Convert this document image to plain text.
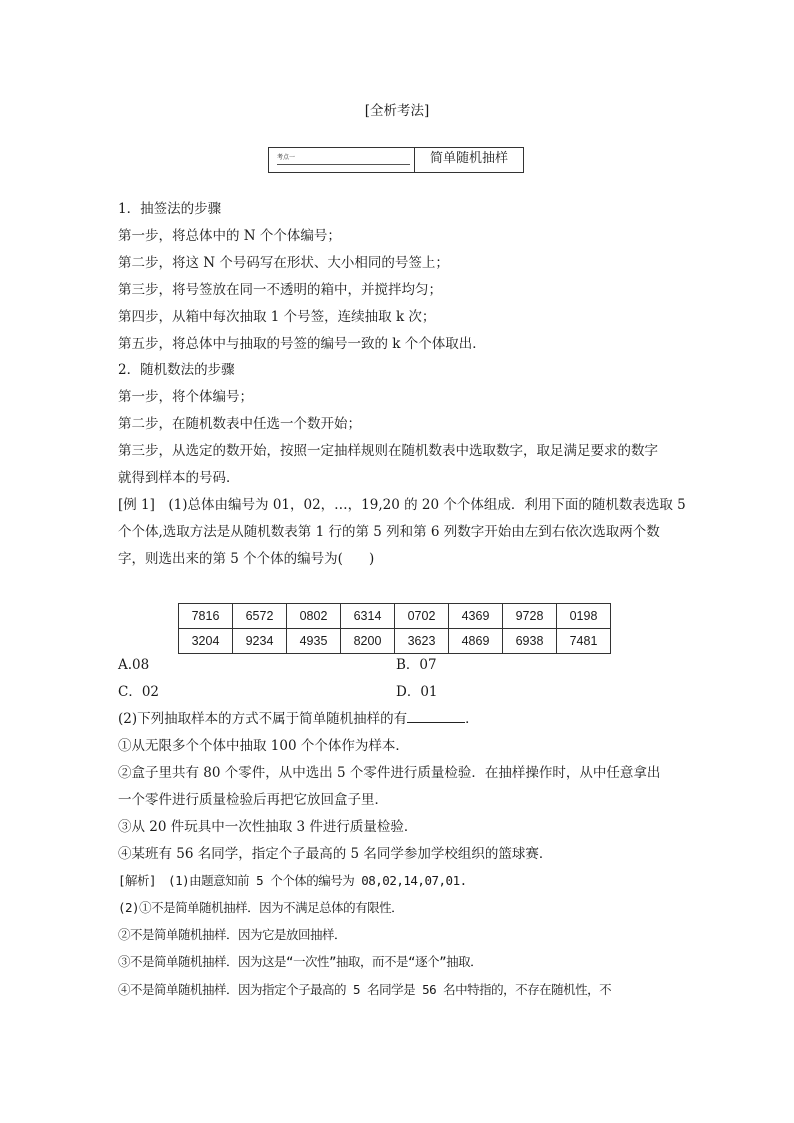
[全析考法]
考点一	简单随机抽样
1．抽签法的步骤
第一步，将总体中的 N 个个体编号；
第二步，将这 N 个号码写在形状、大小相同的号签上；
第三步，将号签放在同一不透明的箱中，并搅拌均匀；
第四步，从箱中每次抽取 1 个号签，连续抽取 k 次；
第五步，将总体中与抽取的号签的编号一致的 k 个个体取出．
2．随机数法的步骤
第一步，将个体编号；
第二步，在随机数表中任选一个数开始；
第三步，从选定的数开始，按照一定抽样规则在随机数表中选取数字，取足满足要求的数字
就得到样本的号码．
[例 1]　(1)总体由编号为 01，02，…，19,20 的 20 个个体组成．利用下面的随机数表选取 5
个个体,选取方法是从随机数表第 1 行的第 5 列和第 6 列数字开始由左到右依次选取两个数
字，则选出来的第 5 个个体的编号为( )
7816	6572	0802	6314	0702	4369	9728	0198
3204	9234	4935	8200	3623	4869	6938	7481
A.08	B．07
C．02	D．01
(2)下列抽取样本的方式不属于简单随机抽样的有	．
①从无限多个个体中抽取 100 个个体作为样本．
②盒子里共有 80 个零件，从中选出 5 个零件进行质量检验．在抽样操作时，从中任意拿出
一个零件进行质量检验后再把它放回盒子里．
③从 20 件玩具中一次性抽取 3 件进行质量检验．
④某班有 56 名同学，指定个子最高的 5 名同学参加学校组织的篮球赛．
[解析]　(1)由题意知前 5 个个体的编号为 08,02,14,07,01.
(2)①不是简单随机抽样．因为不满足总体的有限性．
②不是简单随机抽样．因为它是放回抽样．
③不是简单随机抽样．因为这是“一次性”抽取，而不是“逐个”抽取．
④不是简单随机抽样．因为指定个子最高的 5 名同学是 56 名中特指的，不存在随机性，不
